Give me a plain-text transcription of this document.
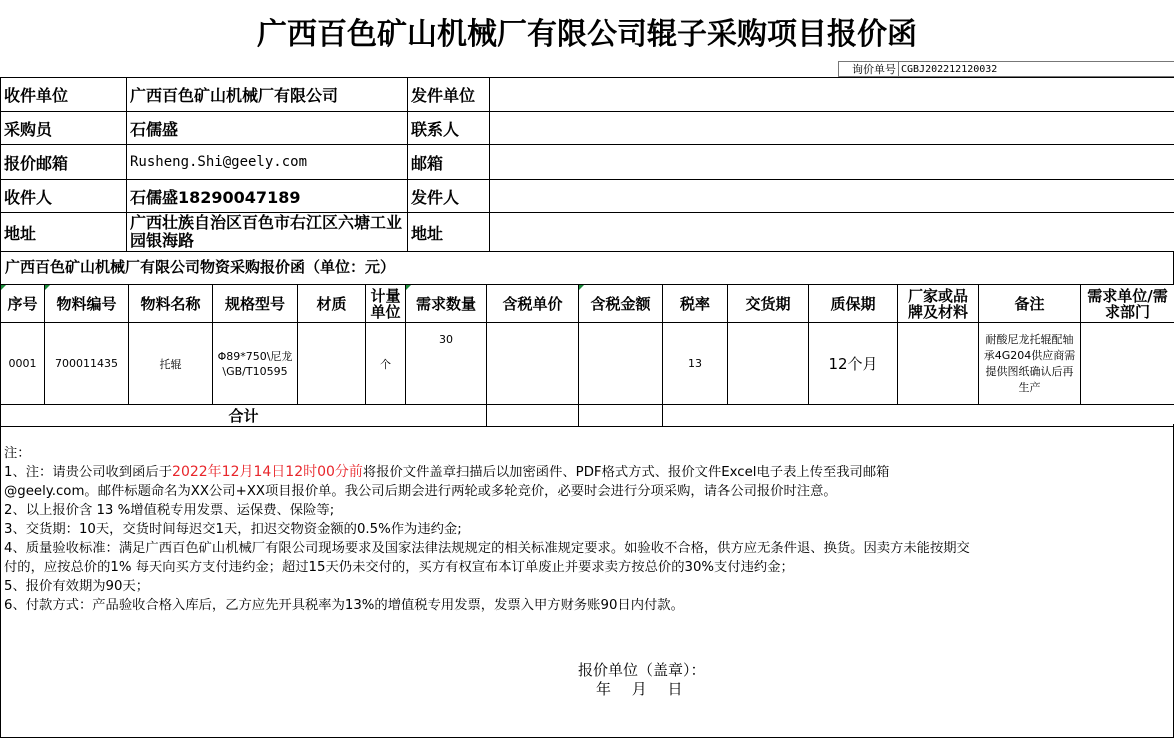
广西百色矿山机械厂有限公司辊子采购项目报价函
询价单号 CGBJ202212120032
收件单位	广西百色矿山机械厂有限公司	发件单位	
采购员	石儒盛	联系人	
报价邮箱	Rusheng.Shi@geely.com	邮箱	
收件人	石儒盛18290047189	发件人	
地址	广西壮族自治区百色市右江区六塘工业园银海路	地址	
广西百色矿山机械厂有限公司物资采购报价函（单位：元）
序号	物料编号	物料名称	规格型号	材质	计量单位	需求数量	含税单价	含税金额	税率	交货期	质保期	厂家或品牌及材料	备注	需求单位/需求部门
0001	700011435	托辊	Φ89*750\尼龙\GB/T10595		个	30			13		12个月		耐酸尼龙托辊配轴承4G204供应商需提供图纸确认后再生产	
合计														

注：

1、注：请贵公司收到函后于2022年12月14日12时00分前将报价文件盖章扫描后以加密函件、PDF格式方式、报价文件Excel电子表上传至我司邮箱

@geely.com。邮件标题命名为XX公司+XX项目报价单。我公司后期会进行两轮或多轮竞价，必要时会进行分项采购，请各公司报价时注意。

2、以上报价含 13 %增值税专用发票、运保费、保险等;

3、交货期：10天，交货时间每迟交1天，扣迟交物资金额的0.5%作为违约金;

4、质量验收标准：满足广西百色矿山机械厂有限公司现场要求及国家法律法规规定的相关标准规定要求。如验收不合格，供方应无条件退、换货。因卖方未能按期交

付的，应按总价的1% 每天向买方支付违约金；超过15天仍未交付的，买方有权宣布本订单废止并要求卖方按总价的30%支付违约金；

5、报价有效期为90天；

6、付款方式：产品验收合格入库后，乙方应先开具税率为13%的增值税专用发票，发票入甲方财务账90日内付款。

报价单位（盖章）：
年 月 日
